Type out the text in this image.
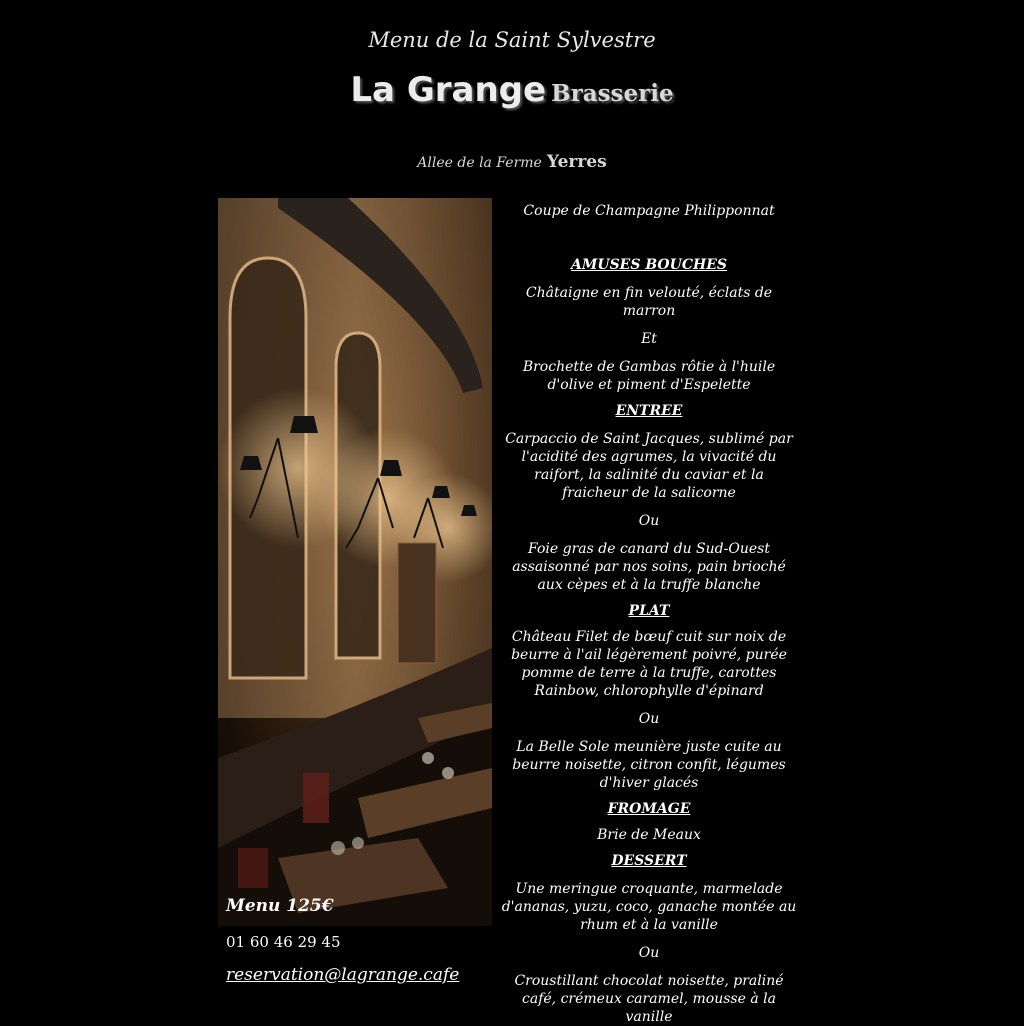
Menu de la Saint Sylvestre
La Grange Brasserie
Allee de la Ferme Yerres
Menu 125€
01 60 46 29 45
reservation@lagrange.cafe

Coupe de Champagne Philipponnat

AMUSES BOUCHES

Châtaigne en fin velouté, éclats de marron

Et

Brochette de Gambas rôtie à l'huile d'olive et piment d'Espelette

ENTREE

Carpaccio de Saint Jacques, sublimé par l'acidité des agrumes, la vivacité du raifort, la salinité du caviar et la fraicheur de la salicorne

Ou

Foie gras de canard du Sud-Ouest assaisonné par nos soins, pain brioché aux cèpes et à la truffe blanche

PLAT

Château Filet de bœuf cuit sur noix de beurre à l'ail légèrement poivré, purée pomme de terre à la truffe, carottes Rainbow, chlorophylle d'épinard

Ou

La Belle Sole meunière juste cuite au beurre noisette, citron confit, légumes d'hiver glacés

FROMAGE

Brie de Meaux

DESSERT

Une meringue croquante, marmelade d'ananas, yuzu, coco, ganache montée au rhum et à la vanille

Ou

Croustillant chocolat noisette, praliné café, crémeux caramel, mousse à la vanille
